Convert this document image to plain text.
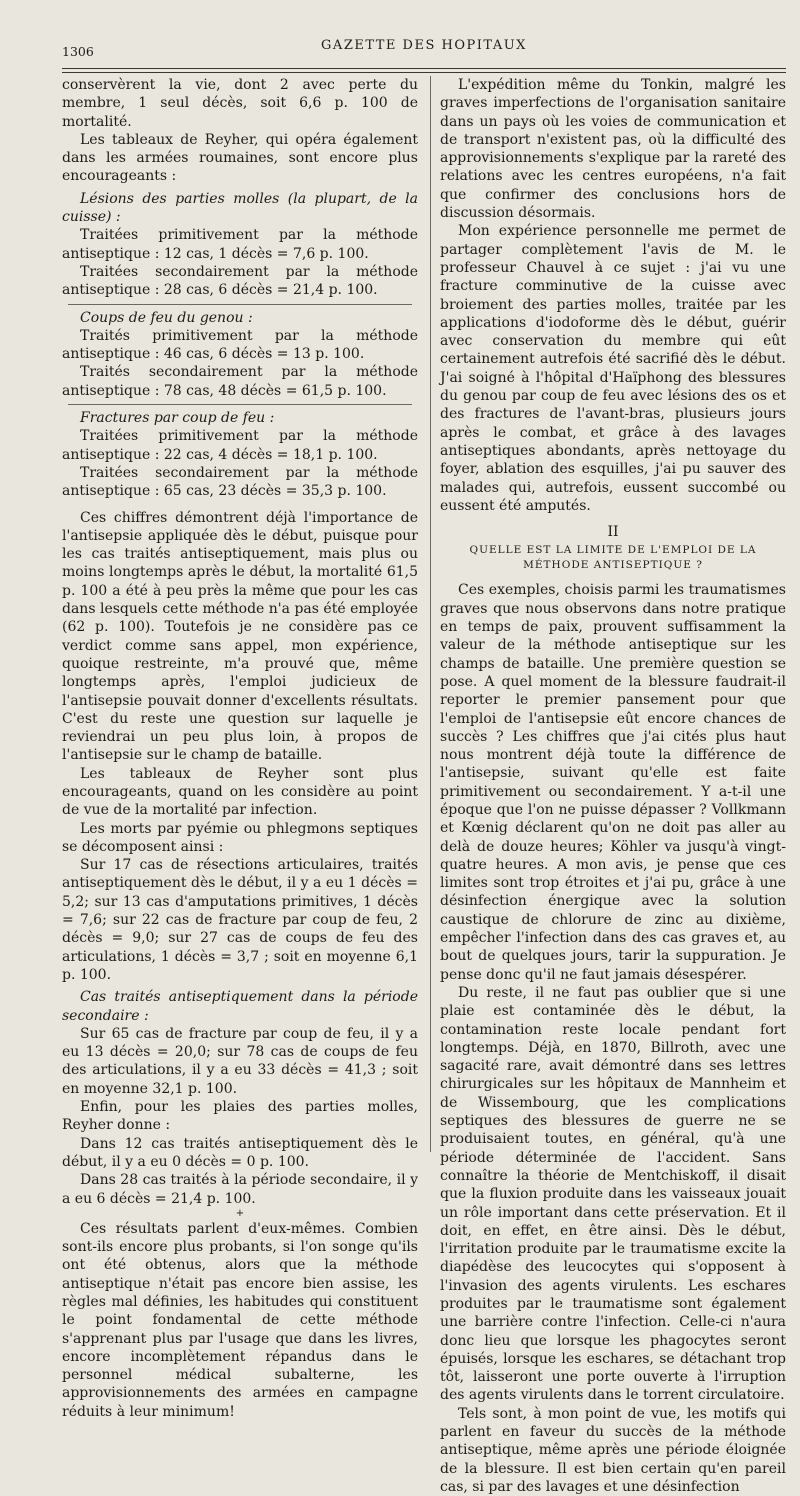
1306	GAZETTE DES HOPITAUX

conservèrent la vie, dont 2 avec perte du membre, 1 seul décès, soit 6,6 p. 100 de mortalité.

Les tableaux de Reyher, qui opéra également dans les armées roumaines, sont encore plus encourageants :

Lésions des parties molles (la plupart, de la cuisse) :

Traitées primitivement par la méthode antiseptique : 12 cas, 1 décès = 7,6 p. 100.

Traitées secondairement par la méthode antiseptique : 28 cas, 6 décès = 21,4 p. 100.

Coups de feu du genou :

Traités primitivement par la méthode antiseptique : 46 cas, 6 décès = 13 p. 100.

Traités secondairement par la méthode antiseptique : 78 cas, 48 décès = 61,5 p. 100.

Fractures par coup de feu :

Traitées primitivement par la méthode antiseptique : 22 cas, 4 décès = 18,1 p. 100.

Traitées secondairement par la méthode antiseptique : 65 cas, 23 décès = 35,3 p. 100.

Ces chiffres démontrent déjà l'importance de l'antisepsie appliquée dès le début, puisque pour les cas traités antiseptiquement, mais plus ou moins longtemps après le début, la mortalité 61,5 p. 100 a été à peu près la même que pour les cas dans lesquels cette méthode n'a pas été employée (62 p. 100). Toutefois je ne considère pas ce verdict comme sans appel, mon expérience, quoique restreinte, m'a prouvé que, même longtemps après, l'emploi judicieux de l'antisepsie pouvait donner d'excellents résultats. C'est du reste une question sur laquelle je reviendrai un peu plus loin, à propos de l'antisepsie sur le champ de bataille.

Les tableaux de Reyher sont plus encourageants, quand on les considère au point de vue de la mortalité par infection.

Les morts par pyémie ou phlegmons septiques se décomposent ainsi :

Sur 17 cas de résections articulaires, traités antiseptiquement dès le début, il y a eu 1 décès = 5,2; sur 13 cas d'amputations primitives, 1 décès = 7,6; sur 22 cas de fracture par coup de feu, 2 décès = 9,0; sur 27 cas de coups de feu des articulations, 1 décès = 3,7 ; soit en moyenne 6,1 p. 100.

Cas traités antiseptiquement dans la période secondaire :

Sur 65 cas de fracture par coup de feu, il y a eu 13 décès = 20,0; sur 78 cas de coups de feu des articulations, il y a eu 33 décès = 41,3 ; soit en moyenne 32,1 p. 100.

Enfin, pour les plaies des parties molles, Reyher donne :

Dans 12 cas traités antiseptiquement dès le début, il y a eu 0 décès = 0 p. 100.

Dans 28 cas traités à la période secondaire, il y a eu 6 décès = 21,4 p. 100.

+

Ces résultats parlent d'eux-mêmes. Combien sont-ils encore plus probants, si l'on songe qu'ils ont été obtenus, alors que la méthode antiseptique n'était pas encore bien assise, les règles mal définies, les habitudes qui constituent le point fondamental de cette méthode s'apprenant plus par l'usage que dans les livres, encore incomplètement répandus dans le personnel médical subalterne, les approvisionnements des armées en campagne réduits à leur minimum!

L'expédition même du Tonkin, malgré les graves imperfections de l'organisation sanitaire dans un pays où les voies de communication et de transport n'existent pas, où la difficulté des approvisionnements s'explique par la rareté des relations avec les centres européens, n'a fait que confirmer des conclusions hors de discussion désormais.

Mon expérience personnelle me permet de partager complètement l'avis de M. le professeur Chauvel à ce sujet : j'ai vu une fracture comminutive de la cuisse avec broiement des parties molles, traitée par les applications d'iodoforme dès le début, guérir avec conservation du membre qui eût certainement autrefois été sacrifié dès le début. J'ai soigné à l'hôpital d'Haïphong des blessures du genou par coup de feu avec lésions des os et des fractures de l'avant-bras, plusieurs jours après le combat, et grâce à des lavages antiseptiques abondants, après nettoyage du foyer, ablation des esquilles, j'ai pu sauver des malades qui, autrefois, eussent succombé ou eussent été amputés.

II

QUELLE EST LA LIMITE DE L'EMPLOI DE LA MÉTHODE ANTISEPTIQUE ?

Ces exemples, choisis parmi les traumatismes graves que nous observons dans notre pratique en temps de paix, prouvent suffisamment la valeur de la méthode antiseptique sur les champs de bataille. Une première question se pose. A quel moment de la blessure faudrait-il reporter le premier pansement pour que l'emploi de l'antisepsie eût encore chances de succès ? Les chiffres que j'ai cités plus haut nous montrent déjà toute la différence de l'antisepsie, suivant qu'elle est faite primitivement ou secondairement. Y a-t-il une époque que l'on ne puisse dépasser ? Vollkmann et Kœnig déclarent qu'on ne doit pas aller au delà de douze heures; Köhler va jusqu'à vingt-quatre heures. A mon avis, je pense que ces limites sont trop étroites et j'ai pu, grâce à une désinfection énergique avec la solution caustique de chlorure de zinc au dixième, empêcher l'infection dans des cas graves et, au bout de quelques jours, tarir la suppuration. Je pense donc qu'il ne faut jamais désespérer.

Du reste, il ne faut pas oublier que si une plaie est contaminée dès le début, la contamination reste locale pendant fort longtemps. Déjà, en 1870, Billroth, avec une sagacité rare, avait démontré dans ses lettres chirurgicales sur les hôpitaux de Mannheim et de Wissembourg, que les complications septiques des blessures de guerre ne se produisaient toutes, en général, qu'à une période déterminée de l'accident. Sans connaître la théorie de Mentchiskoff, il disait que la fluxion produite dans les vaisseaux jouait un rôle important dans cette préservation. Et il doit, en effet, en être ainsi. Dès le début, l'irritation produite par le traumatisme excite la diapédèse des leucocytes qui s'opposent à l'invasion des agents virulents. Les eschares produites par le traumatisme sont également une barrière contre l'infection. Celle-ci n'aura donc lieu que lorsque les phagocytes seront épuisés, lorsque les eschares, se détachant trop tôt, laisseront une porte ouverte à l'irruption des agents virulents dans le torrent circulatoire.

Tels sont, à mon point de vue, les motifs qui parlent en faveur du succès de la méthode antiseptique, même après une période éloignée de la blessure. Il est bien certain qu'en pareil cas, si par des lavages et une désinfection
